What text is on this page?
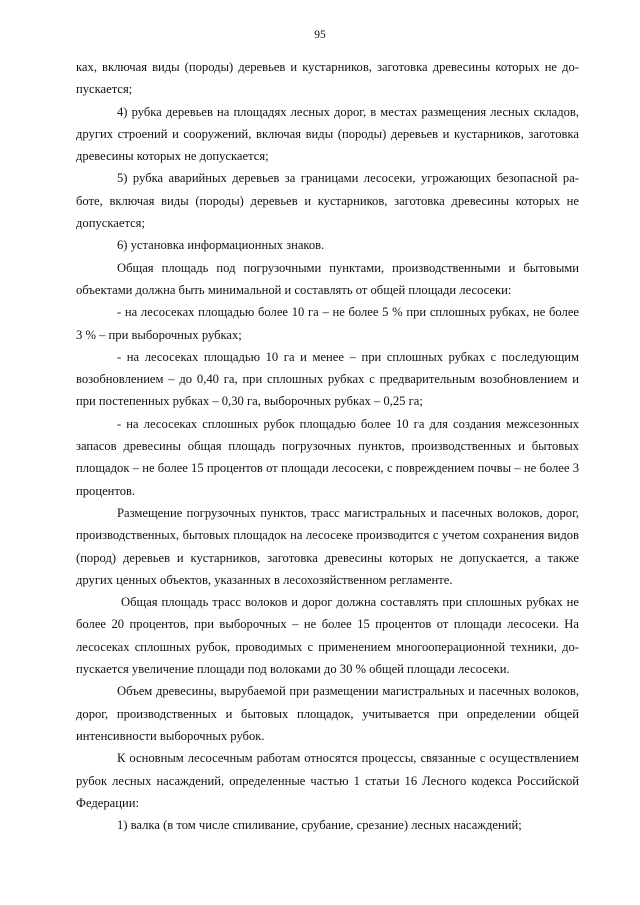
95

ках, включая виды (породы) деревьев и кустарников, заготовка древесины которых не допускается;

4) рубка деревьев на площадях лесных дорог, в местах размещения лесных складов, других строений и сооружений, включая виды (породы) деревьев и кустарников, заготовка древесины которых не допускается;

5) рубка аварийных деревьев за границами лесосеки, угрожающих безопасной работе, включая виды (породы) деревьев и кустарников, заготовка древесины которых не допускается;

6) установка информационных знаков.

Общая площадь под погрузочными пунктами, производственными и бытовыми объектами должна быть минимальной и составлять от общей площади лесосеки:

- на лесосеках площадью более 10 га – не более 5 % при сплошных рубках, не более 3 % – при выборочных рубках;

- на лесосеках площадью 10 га и менее – при сплошных рубках с последующим возобновлением – до 0,40 га, при сплошных рубках с предварительным возобновлением и при постепенных рубках – 0,30 га, выборочных рубках – 0,25 га;

- на лесосеках сплошных рубок площадью более 10 га для создания межсезонных запасов древесины общая площадь погрузочных пунктов, производственных и бытовых площадок – не более 15 процентов от площади лесосеки, с повреждением почвы – не более 3 процентов.

Размещение погрузочных пунктов, трасс магистральных и пасечных волоков, дорог, производственных, бытовых площадок на лесосеке производится с учетом сохранения видов (пород) деревьев и кустарников, заготовка древесины которых не допускается, а также других ценных объектов, указанных в лесохозяйственном регламенте.

Общая площадь трасс волоков и дорог должна составлять при сплошных рубках не более 20 процентов, при выборочных – не более 15 процентов от площади лесосеки. На лесосеках сплошных рубок, проводимых с применением многооперационной техники, допускается увеличение площади под волоками до 30 % общей площади лесосеки.

Объем древесины, вырубаемой при размещении магистральных и пасечных волоков, дорог, производственных и бытовых площадок, учитывается при определении общей интенсивности выборочных рубок.

К основным лесосечным работам относятся процессы, связанные с осуществлением рубок лесных насаждений, определенные частью 1 статьи 16 Лесного кодекса Российской Федерации:

1) валка (в том числе спиливание, срубание, срезание) лесных насаждений;
